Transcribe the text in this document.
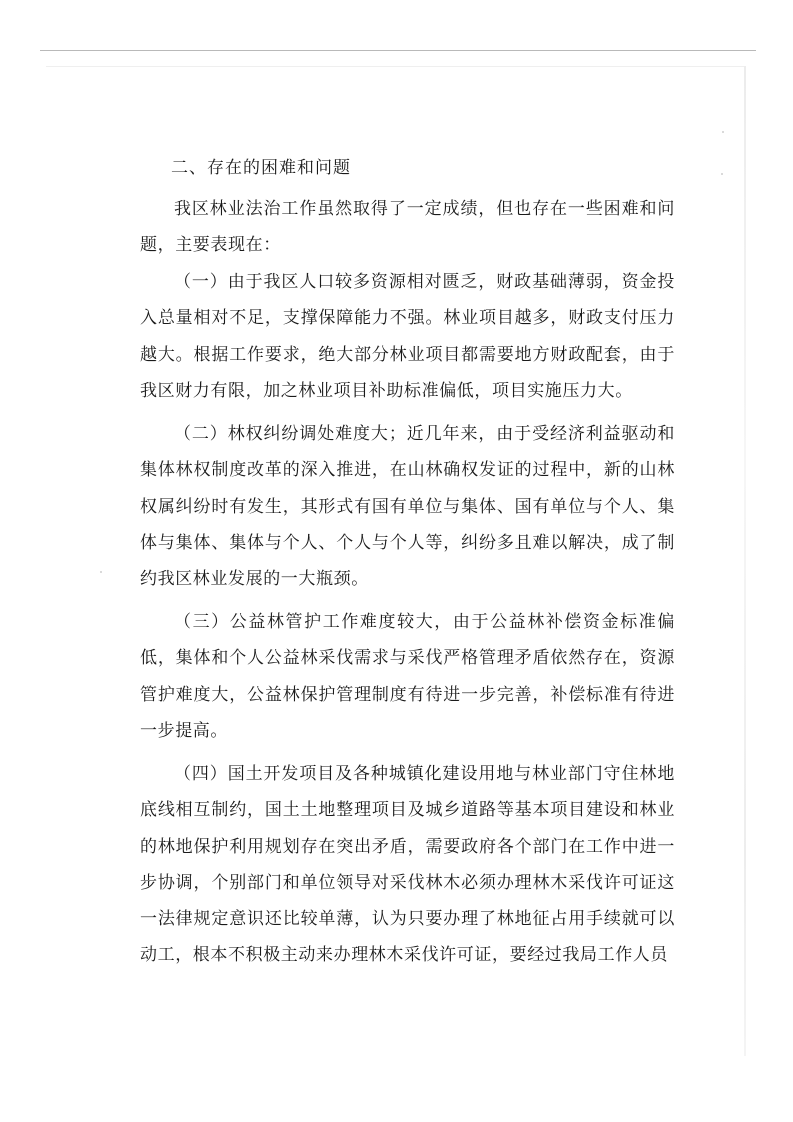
二、存在的困难和问题

我区林业法治工作虽然取得了一定成绩，但也存在一些困难和问题，主要表现在：

（一）由于我区人口较多资源相对匮乏，财政基础薄弱，资金投入总量相对不足，支撑保障能力不强。林业项目越多，财政支付压力越大。根据工作要求，绝大部分林业项目都需要地方财政配套，由于我区财力有限，加之林业项目补助标准偏低，项目实施压力大。

（二）林权纠纷调处难度大；近几年来，由于受经济利益驱动和集体林权制度改革的深入推进，在山林确权发证的过程中，新的山林权属纠纷时有发生，其形式有国有单位与集体、国有单位与个人、集体与集体、集体与个人、个人与个人等，纠纷多且难以解决，成了制约我区林业发展的一大瓶颈。

（三）公益林管护工作难度较大，由于公益林补偿资金标准偏低，集体和个人公益林采伐需求与采伐严格管理矛盾依然存在，资源管护难度大，公益林保护管理制度有待进一步完善，补偿标准有待进一步提高。

（四）国土开发项目及各种城镇化建设用地与林业部门守住林地底线相互制约，国土土地整理项目及城乡道路等基本项目建设和林业的林地保护利用规划存在突出矛盾，需要政府各个部门在工作中进一步协调，个别部门和单位领导对采伐林木必须办理林木采伐许可证这一法律规定意识还比较单薄，认为只要办理了林地征占用手续就可以动工，根本不积极主动来办理林木采伐许可证，要经过我局工作人员
